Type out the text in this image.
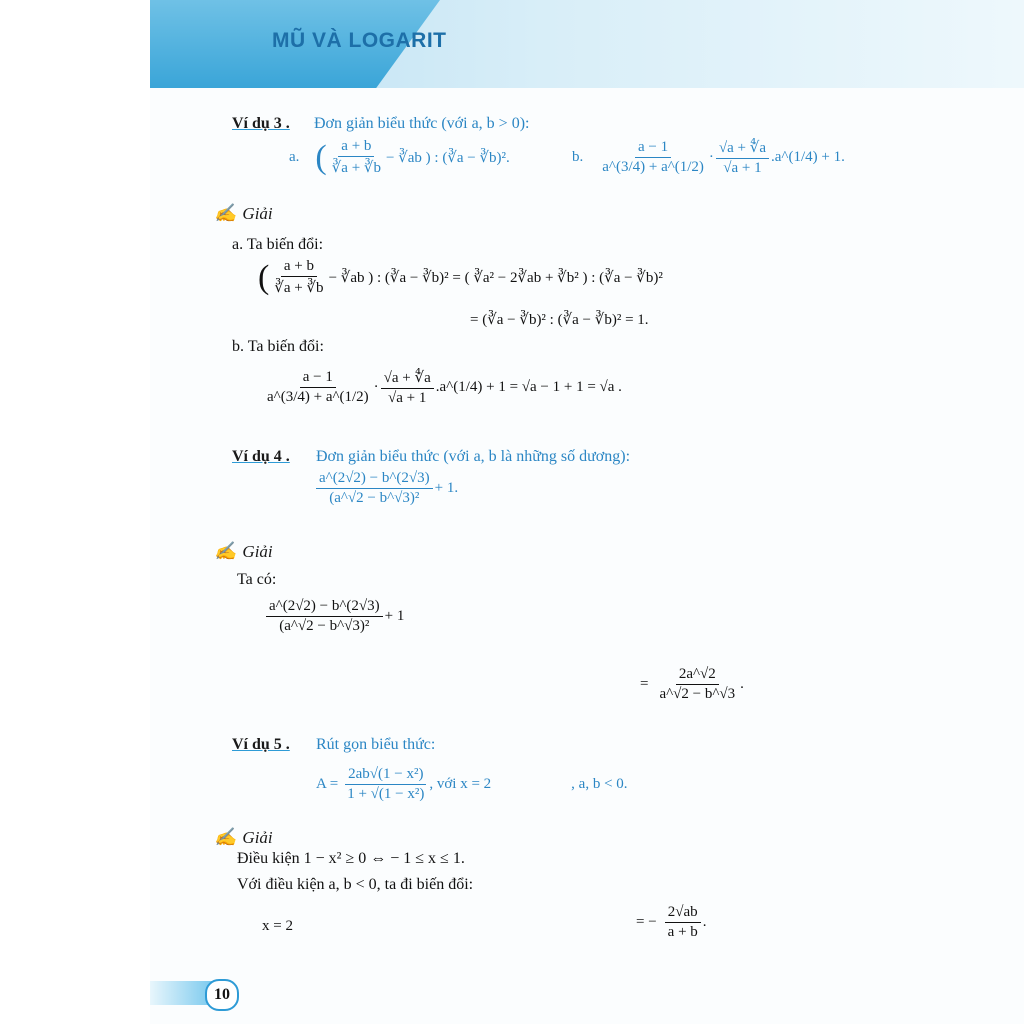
MŨ VÀ LOGARIT
Ví dụ 3 . Đơn giản biểu thức (với a, b > 0):
a. ( $\frac{a + b}{∛a + ∛b}$ − ∛ab ) : (∛a − ∛b)².	b. $\frac{a - 1}{a\^{}(3/4) + a\^{}(1/2)} \cdot \frac{√a + ∜a}{√a + 1}$ .a^(1/4) + 1.
✍ Giải
a. Ta biến đổi:
( $\frac{a + b}{∛a + ∛b}$ − ∛ab ) : (∛a − ∛b)² = ( ∛a² − 2∛ab + ∛b² ) : (∛a − ∛b)²
= (∛a − ∛b)² : (∛a − ∛b)² = 1.
b. Ta biến đổi:
$\frac{a - 1}{a\^{}(3/4) + a\^{}(1/2)} \cdot \frac{√a + ∜a}{√a + 1}$ .a^(1/4) + 1 = √a − 1 + 1 = √a .
Ví dụ 4 . Đơn giản biểu thức (với a, b là những số dương):
$\frac{a\^{}(2√2) - b\^{}(2√3)}{\text{(a\textasciicircum{}√2 − b\textasciicircum{}√3)²}} + 1$.
✍ Giải
Ta có:
$\frac{a\^{}(2√2) - b\^{}(2√3)}{\text{(a\textasciicircum{}√2 − b\textasciicircum{}√3)²}} + 1$
= $\frac{2a\^{}√2}{a\^{}√2 - b\^{}√3}$ .
Ví dụ 5 . Rút gọn biểu thức:
$A = \frac{\text{2ab√(1 − x²)}}{\text{1 + √(1 − x²)}}$ , với x = 2	, a, b < 0.
✍ Giải
Điều kiện 1 − x² ≥ 0 ⇔ − 1 ≤ x ≤ 1.
Với điều kiện a, b < 0, ta đi biến đổi:
x = 2	= − $\frac{2√ab}{a + b}$ .
10
